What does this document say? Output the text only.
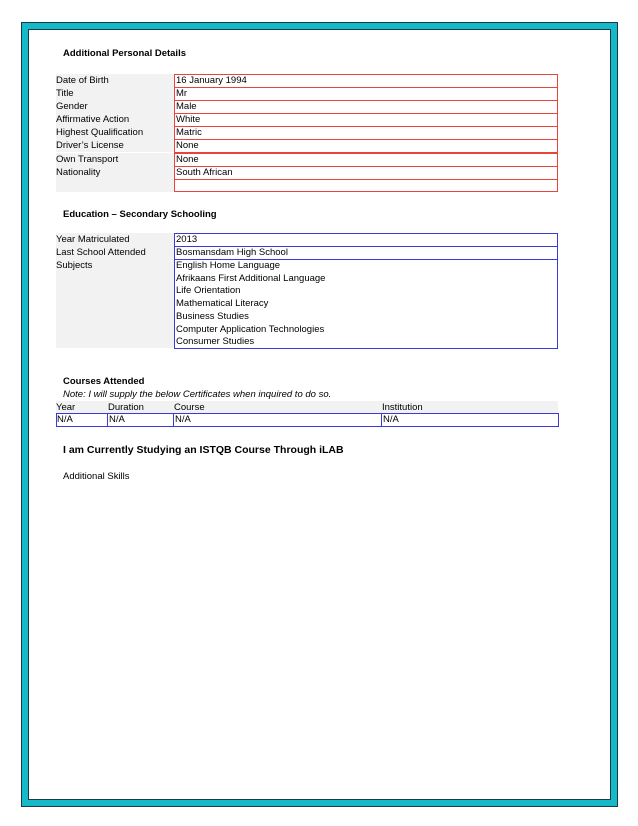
Additional Personal Details
Date of Birth	16 January 1994
Title	Mr
Gender	Male
Affirmative Action	White
Highest Qualification	Matric
Driver’s License	None
Own Transport	None
Nationality	South African
Education – Secondary Schooling
Year Matriculated	2013
Last School Attended	Bosmansdam High School
Subjects	English Home Language
Afrikaans First Additional Language
Life Orientation
Mathematical Literacy
Business Studies
Computer Application Technologies
Consumer Studies
Courses Attended
Note: I will supply the below Certificates when inquired to do so.
Year	Duration	Course	Institution
N/A	N/A	N/A	N/A
I am Currently Studying an ISTQB Course Through iLAB
Additional Skills
